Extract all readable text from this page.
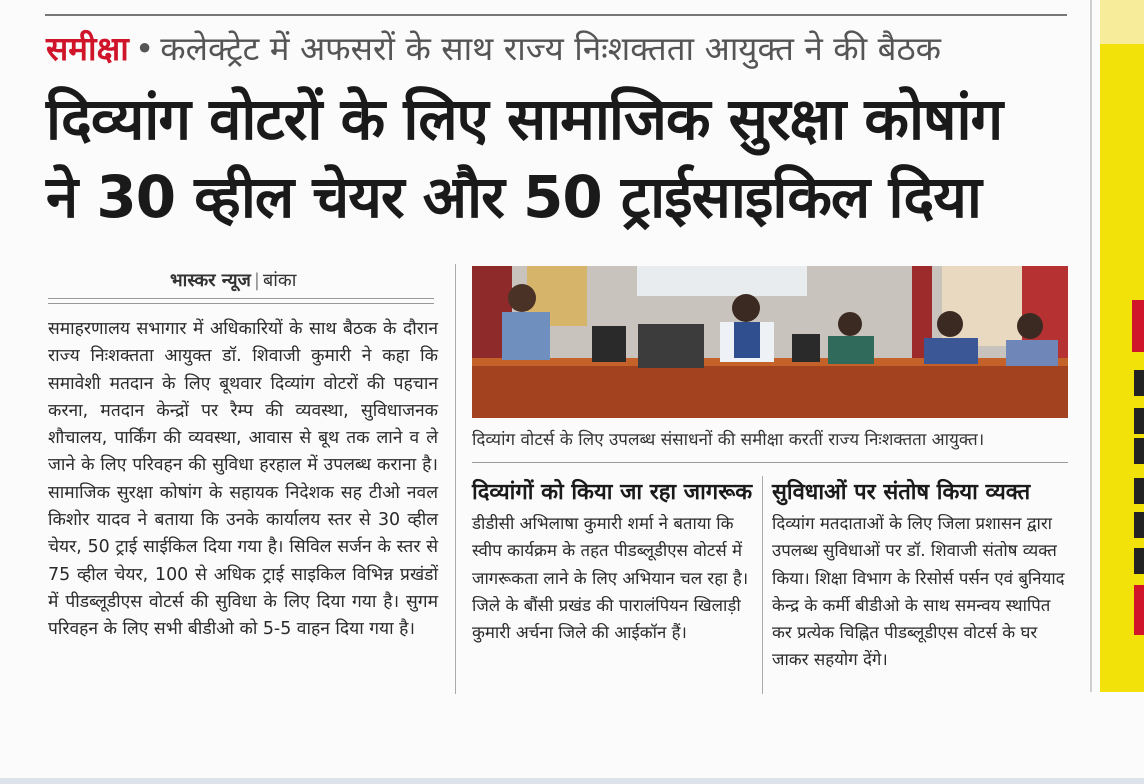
समीक्षा • कलेक्ट्रेट में अफसरों के साथ राज्य निःशक्तता आयुक्त ने की बैठक
दिव्यांग वोटरों के लिए सामाजिक सुरक्षा कोषांग
ने 30 व्हील चेयर और 50 ट्राईसाइकिल दिया
भास्कर न्यूज | बांका
समाहरणालय सभागार में अधिकारियों के साथ बैठक के दौरान राज्य निःशक्तता आयुक्त डॉ. शिवाजी कुमारी ने कहा कि समावेशी मतदान के लिए बूथवार दिव्यांग वोटरों की पहचान करना, मतदान केन्द्रों पर रैम्प की व्यवस्था, सुविधाजनक शौचालय, पार्किंग की व्यवस्था, आवास से बूथ तक लाने व ले जाने के लिए परिवहन की सुविधा हरहाल में उपलब्ध कराना है। सामाजिक सुरक्षा कोषांग के सहायक निदेशक सह टीओ नवल किशोर यादव ने बताया कि उनके कार्यालय स्तर से 30 व्हील चेयर, 50 ट्राई साईकिल दिया गया है। सिविल सर्जन के स्तर से 75 व्हील चेयर, 100 से अधिक ट्राई साइकिल विभिन्न प्रखंडों में पीडब्लूडीएस वोटर्स की सुविधा के लिए दिया गया है। सुगम परिवहन के लिए सभी बीडीओ को 5-5 वाहन दिया गया है।
दिव्यांग वोटर्स के लिए उपलब्ध संसाधनों की समीक्षा करतीं राज्य निःशक्तता आयुक्त।
दिव्यांगों को किया जा रहा जागरूक
डीडीसी अभिलाषा कुमारी शर्मा ने बताया कि स्वीप कार्यक्रम के तहत पीडब्लूडीएस वोटर्स में जागरूकता लाने के लिए अभियान चल रहा है। जिले के बौंसी प्रखंड की पारालंपियन खिलाड़ी कुमारी अर्चना जिले की आईकॉन हैं।
सुविधाओं पर संतोष किया व्यक्त
दिव्यांग मतदाताओं के लिए जिला प्रशासन द्वारा उपलब्ध सुविधाओं पर डॉ. शिवाजी संतोष व्यक्त किया। शिक्षा विभाग के रिसोर्स पर्सन एवं बुनियाद केन्द्र के कर्मी बीडीओ के साथ समन्वय स्थापित कर प्रत्येक चिह्नित पीडब्लूडीएस वोटर्स के घर जाकर सहयोग देंगे।
